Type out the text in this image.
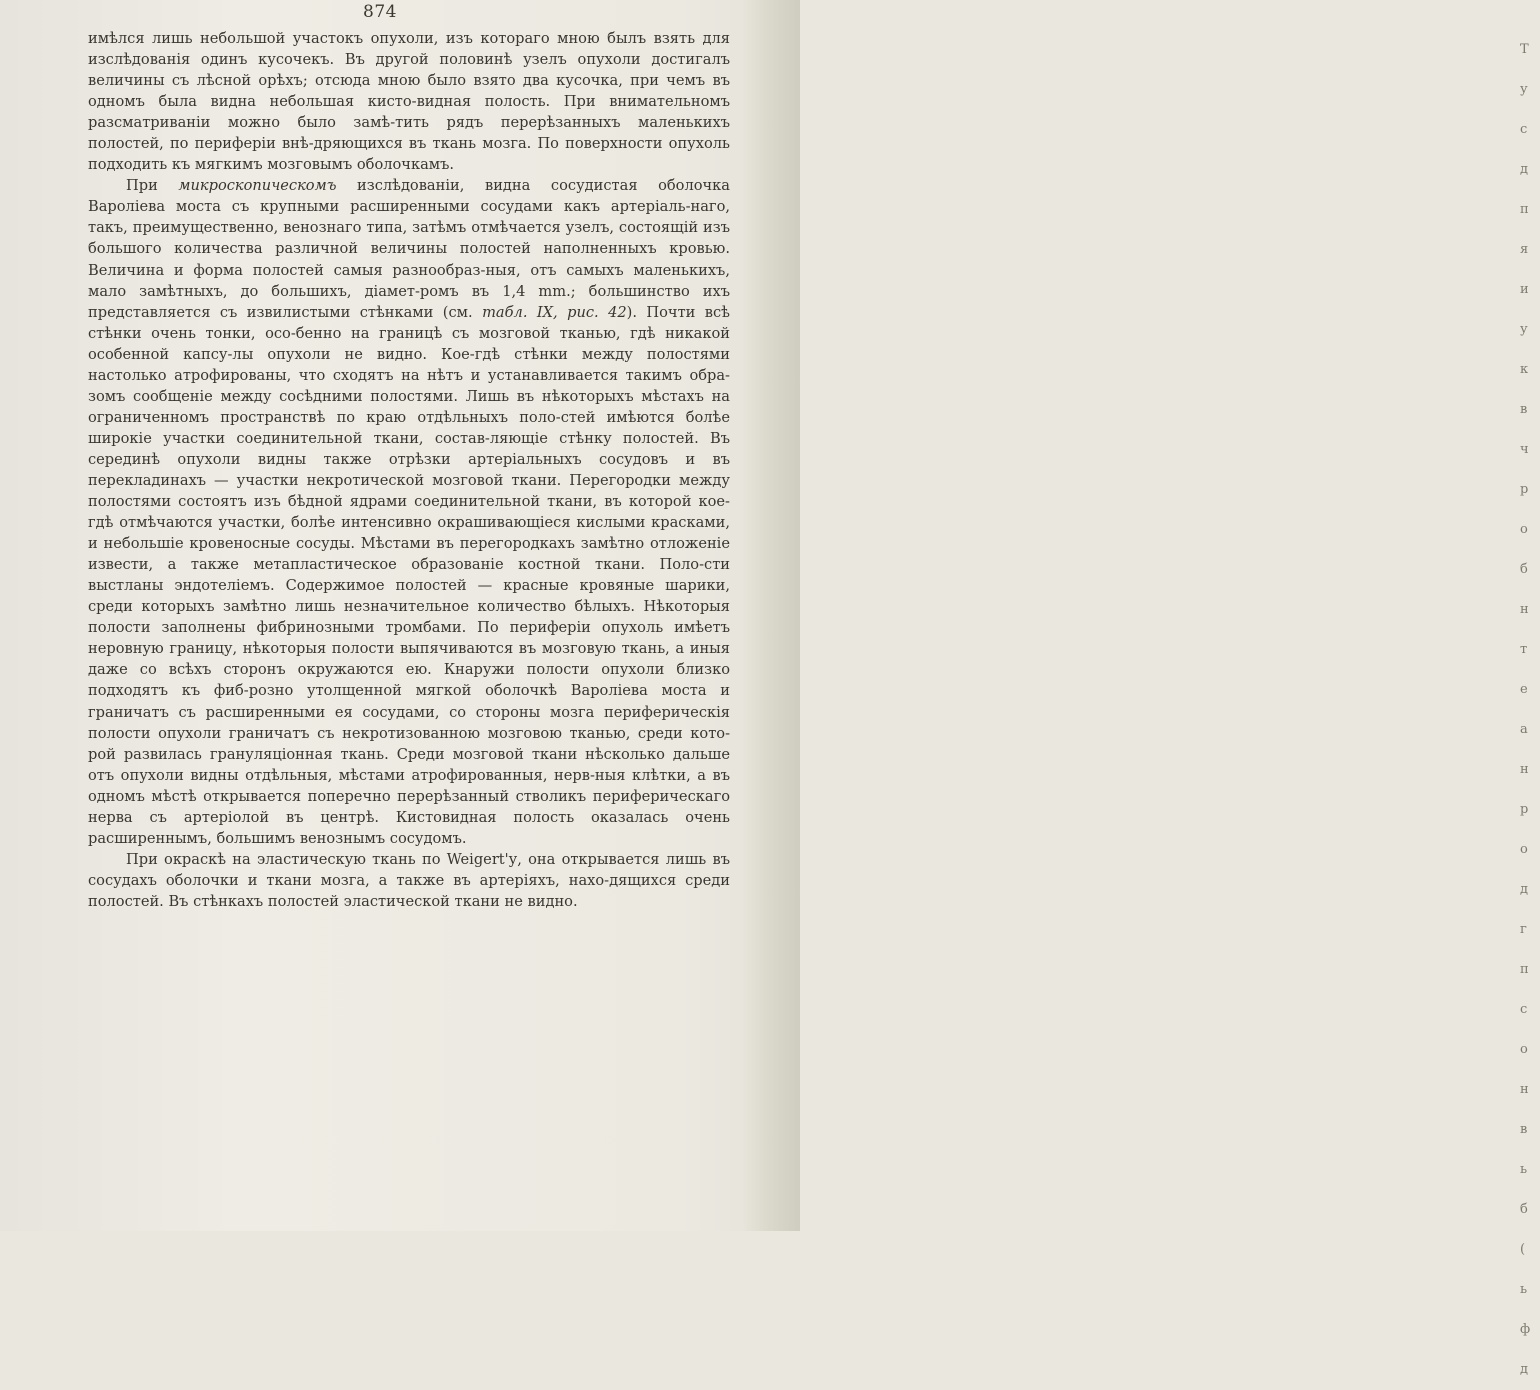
874

имѣлся лишь небольшой участокъ опухоли, изъ котораго мною былъ взять для изслѣдованія одинъ кусочекъ. Въ другой половинѣ узелъ опухоли достигалъ величины съ лѣсной орѣхъ; отсюда мною было взято два кусочка, при чемъ въ одномъ была видна небольшая кисто-видная полость. При внимательномъ разсматриваніи можно было замѣ-тить рядъ перерѣзанныхъ маленькихъ полостей, по периферіи внѣ-дряющихся въ ткань мозга. По поверхности опухоль подходить къ мягкимъ мозговымъ оболочкамъ.

При микроскопическомъ изслѣдованіи, видна сосудистая оболочка Вароліева моста съ крупными расширенными сосудами какъ артеріаль-наго, такъ, преимущественно, венознаго типа, затѣмъ отмѣчается узелъ, состоящій изъ большого количества различной величины полостей наполненныхъ кровью. Величина и форма полостей самыя разнообраз-ныя, отъ самыхъ маленькихъ, мало замѣтныхъ, до большихъ, діамет-ромъ въ 1,4 mm.; большинство ихъ представляется съ извилистыми стѣнками (см. табл. IX, рис. 42). Почти всѣ стѣнки очень тонки, осо-бенно на границѣ съ мозговой тканью, гдѣ никакой особенной капсу-лы опухоли не видно. Кое-гдѣ стѣнки между полостями настолько атрофированы, что сходятъ на нѣтъ и устанавливается такимъ обра-зомъ сообщеніе между сосѣдними полостями. Лишь въ нѣкоторыхъ мѣстахъ на ограниченномъ пространствѣ по краю отдѣльныхъ поло-стей имѣются болѣе широкіе участки соединительной ткани, состав-ляющіе стѣнку полостей. Въ серединѣ опухоли видны также отрѣзки артеріальныхъ сосудовъ и въ перекладинахъ — участки некротической мозговой ткани. Перегородки между полостями состоятъ изъ бѣдной ядрами соединительной ткани, въ которой кое-гдѣ отмѣчаются участки, болѣе интенсивно окрашивающіеся кислыми красками, и небольшіе кровеносные сосуды. Мѣстами въ перегородкахъ замѣтно отложеніе извести, а также метапластическое образованіе костной ткани. Поло-сти выстланы эндотеліемъ. Содержимое полостей — красные кровяные шарики, среди которыхъ замѣтно лишь незначительное количество бѣлыхъ. Нѣкоторыя полости заполнены фибринозными тромбами. По периферіи опухоль имѣетъ неровную границу, нѣкоторыя полости выпячиваются въ мозговую ткань, а иныя даже со всѣхъ сторонъ окружаются ею. Кнаружи полости опухоли близко подходятъ къ фиб-розно утолщенной мягкой оболочкѣ Вароліева моста и граничатъ съ расширенными ея сосудами, со стороны мозга периферическія полости опухоли граничатъ съ некротизованною мозговою тканью, среди кото-рой развилась грануляціонная ткань. Среди мозговой ткани нѣсколько дальше отъ опухоли видны отдѣльныя, мѣстами атрофированныя, нерв-ныя клѣтки, а въ одномъ мѣстѣ открывается поперечно перерѣзанный стволикъ периферическаго нерва съ артеріолой въ центрѣ. Кистовидная полость оказалась очень расширеннымъ, большимъ венознымъ сосудомъ.

При окраскѣ на эластическую ткань по Weigert'у, она открывается лишь въ сосудахъ оболочки и ткани мозга, а также въ артеріяхъ, нахо-дящихся среди полостей. Въ стѣнкахъ полостей эластической ткани не видно.

Т
у
с
д
п
я
и
у
к
в
ч
р
о
б
н
т
е
а
н
р
о
д
г
п
с
о
н
в
ь
б
(
ь
ф
д
